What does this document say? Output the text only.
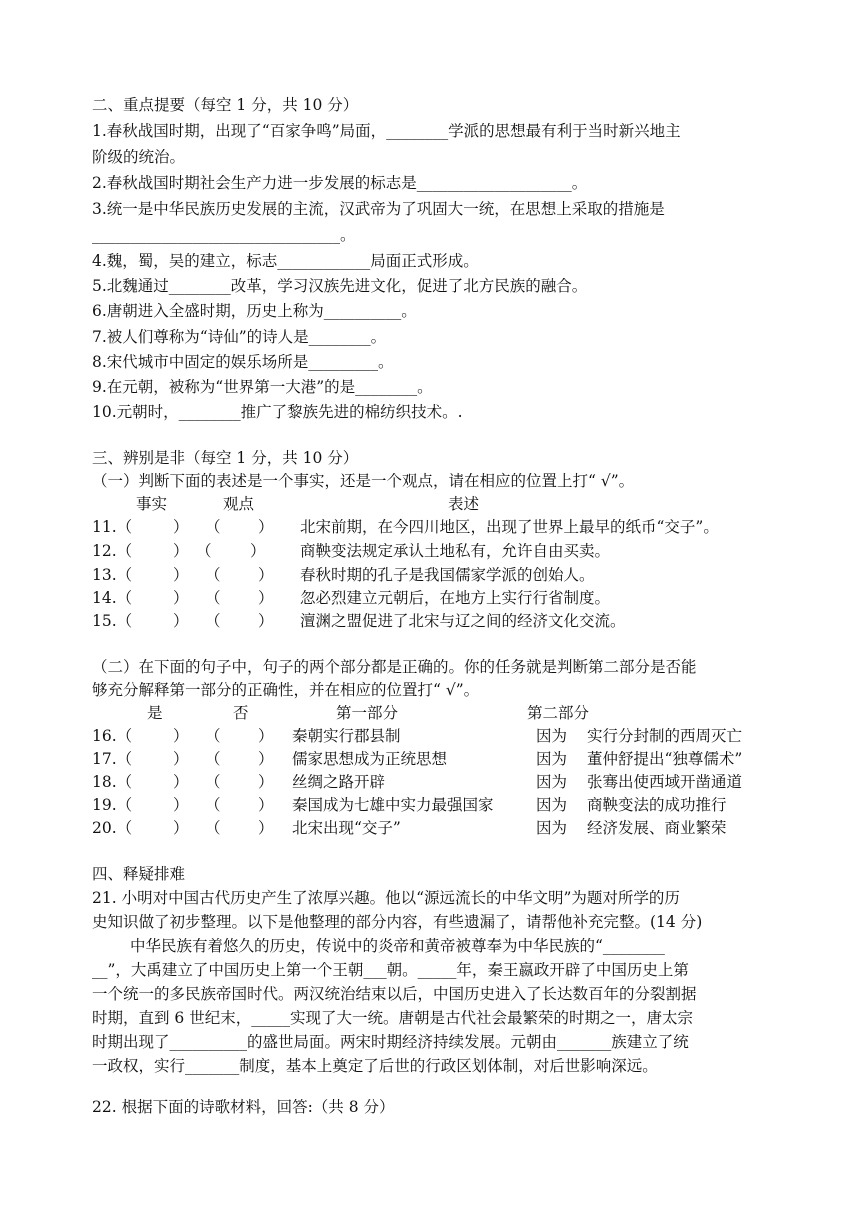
二、重点提要（每空 1 分，共 10 分）
1.春秋战国时期，出现了“百家争鸣”局面，________学派的思想最有利于当时新兴地主
阶级的统治。
2.春秋战国时期社会生产力进一步发展的标志是____________________。
3.统一是中华民族历史发展的主流，汉武帝为了巩固大一统，在思想上采取的措施是
________________________________。
4.魏，蜀，吴的建立，标志____________局面正式形成。
5.北魏通过________改革，学习汉族先进文化，促进了北方民族的融合。
6.唐朝进入全盛时期，历史上称为__________。
7.被人们尊称为“诗仙”的诗人是________。
8.宋代城市中固定的娱乐场所是_________。
9.在元朝，被称为“世界第一大港”的是________。
10.元朝时，________推广了黎族先进的棉纺织技术。.
三、辨别是非（每空 1 分，共 10 分）
（一）判断下面的表述是一个事实，还是一个观点，请在相应的位置上打“ √”。
事实	观点	表述
11.（	） （ ） 北宋前期，在今四川地区，出现了世界上最早的纸币“交子”。
12.（	） （ ） 商鞅变法规定承认土地私有，允许自由买卖。
13.（	） （ ） 春秋时期的孔子是我国儒家学派的创始人。
14.（	） （ ） 忽必烈建立元朝后，在地方上实行行省制度。
15.（	） （ ） 澶渊之盟促进了北宋与辽之间的经济文化交流。
（二）在下面的句子中，句子的两个部分都是正确的。你的任务就是判断第二部分是否能
够充分解释第一部分的正确性，并在相应的位置打“ √”。
是	否	第一部分	第二部分
16.（	） （ ） 秦朝实行郡县制	因为 实行分封制的西周灭亡
17.（	） （ ） 儒家思想成为正统思想	因为 董仲舒提出“独尊儒术”
18.（	） （ ） 丝绸之路开辟	因为 张骞出使西域开凿通道
19.（	） （ ） 秦国成为七雄中实力最强国家	因为 商鞅变法的成功推行
20.（	） （ ） 北宋出现“交子”	因为 经济发展、商业繁荣
四、释疑排难
21. 小明对中国古代历史产生了浓厚兴趣。他以“源远流长的中华文明”为题对所学的历
史知识做了初步整理。以下是他整理的部分内容，有些遗漏了，请帮他补充完整。(14 分)
中华民族有着悠久的历史，传说中的炎帝和黄帝被尊奉为中华民族的“________
__”，大禹建立了中国历史上第一个王朝___朝。_____年，秦王嬴政开辟了中国历史上第
一个统一的多民族帝国时代。两汉统治结束以后，中国历史进入了长达数百年的分裂割据
时期，直到 6 世纪末，_____实现了大一统。唐朝是古代社会最繁荣的时期之一，唐太宗
时期出现了__________的盛世局面。两宋时期经济持续发展。元朝由_______族建立了统
一政权，实行_______制度，基本上奠定了后世的行政区划体制，对后世影响深远。
22. 根据下面的诗歌材料，回答:（共 8 分）
